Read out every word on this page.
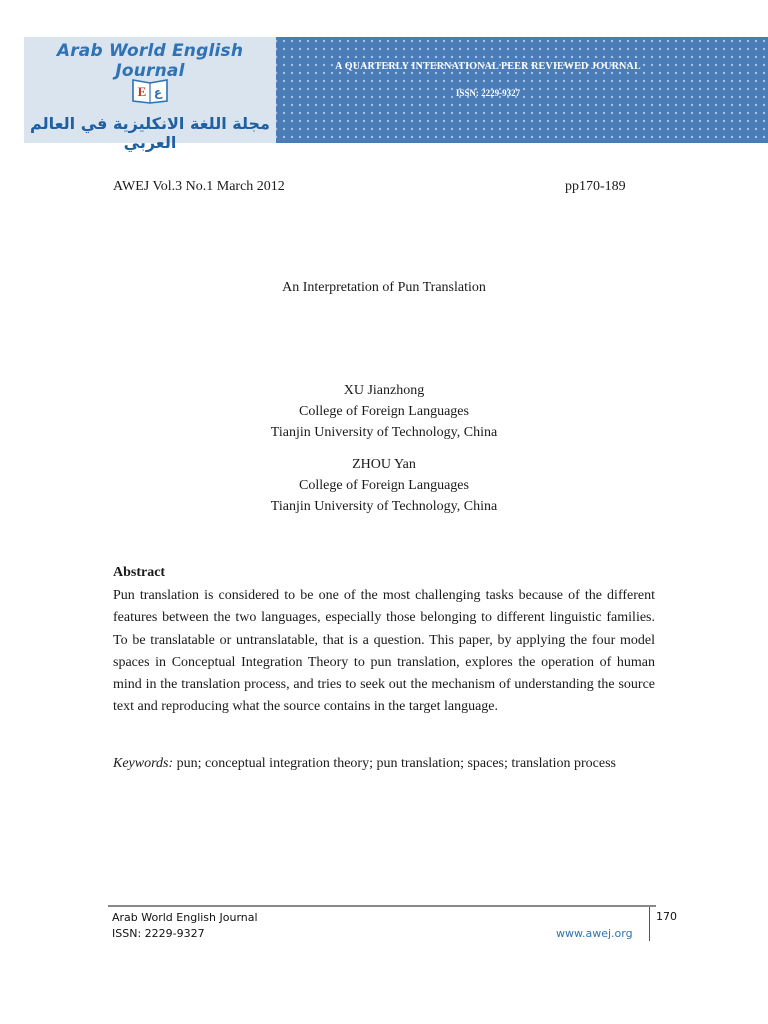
Arab World English Journal
E ع
مجلة اللغة الانكليزية في العالم العربي
A QUARTERLY INTERNATIONAL PEER REVIEWED JOURNAL
ISSN: 2229-9327
AWEJ Vol.3 No.1 March 2012	pp170-189
An Interpretation of Pun Translation
XU Jianzhong
College of Foreign Languages
Tianjin University of Technology, China
ZHOU Yan
College of Foreign Languages
Tianjin University of Technology, China
Abstract
Pun translation is considered to be one of the most challenging tasks because of the different features between the two languages, especially those belonging to different linguistic families. To be translatable or untranslatable, that is a question. This paper, by applying the four model spaces in Conceptual Integration Theory to pun translation, explores the operation of human mind in the translation process, and tries to seek out the mechanism of understanding the source text and reproducing what the source contains in the target language.
Keywords: pun; conceptual integration theory; pun translation; spaces; translation process
Arab World English Journal
ISSN: 2229-9327	www.awej.org
170
